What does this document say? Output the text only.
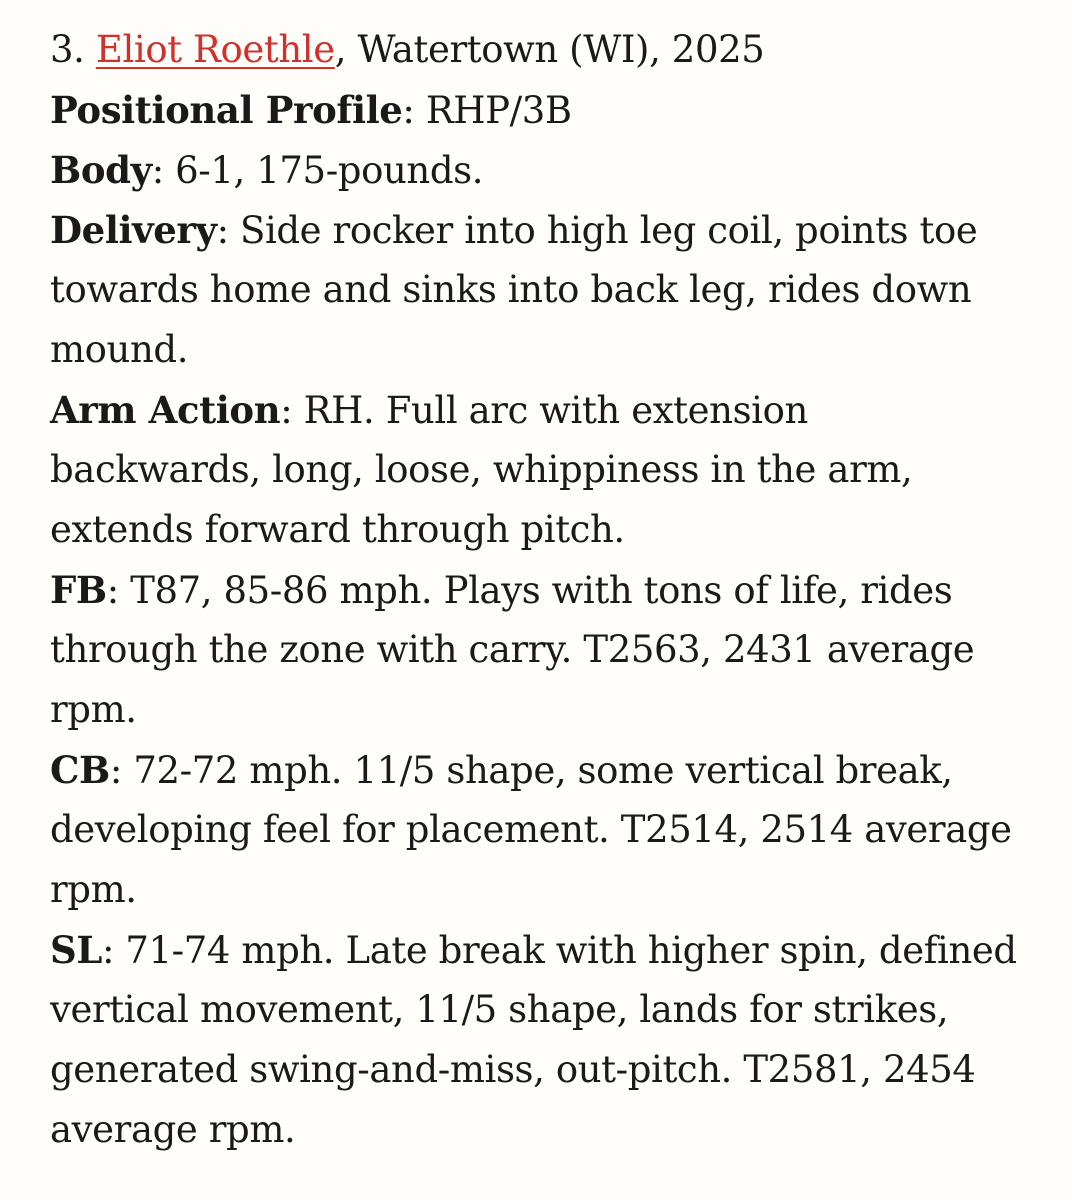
3. Eliot Roethle, Watertown (WI), 2025
Positional Profile: RHP/3B
Body: 6-1, 175-pounds.
Delivery: Side rocker into high leg coil, points toe
towards home and sinks into back leg, rides down
mound.
Arm Action: RH. Full arc with extension
backwards, long, loose, whippiness in the arm,
extends forward through pitch.
FB: T87, 85-86 mph. Plays with tons of life, rides
through the zone with carry. T2563, 2431 average
rpm.
CB: 72-72 mph. 11/5 shape, some vertical break,
developing feel for placement. T2514, 2514 average
rpm.
SL: 71-74 mph. Late break with higher spin, defined
vertical movement, 11/5 shape, lands for strikes,
generated swing-and-miss, out-pitch. T2581, 2454
average rpm.
